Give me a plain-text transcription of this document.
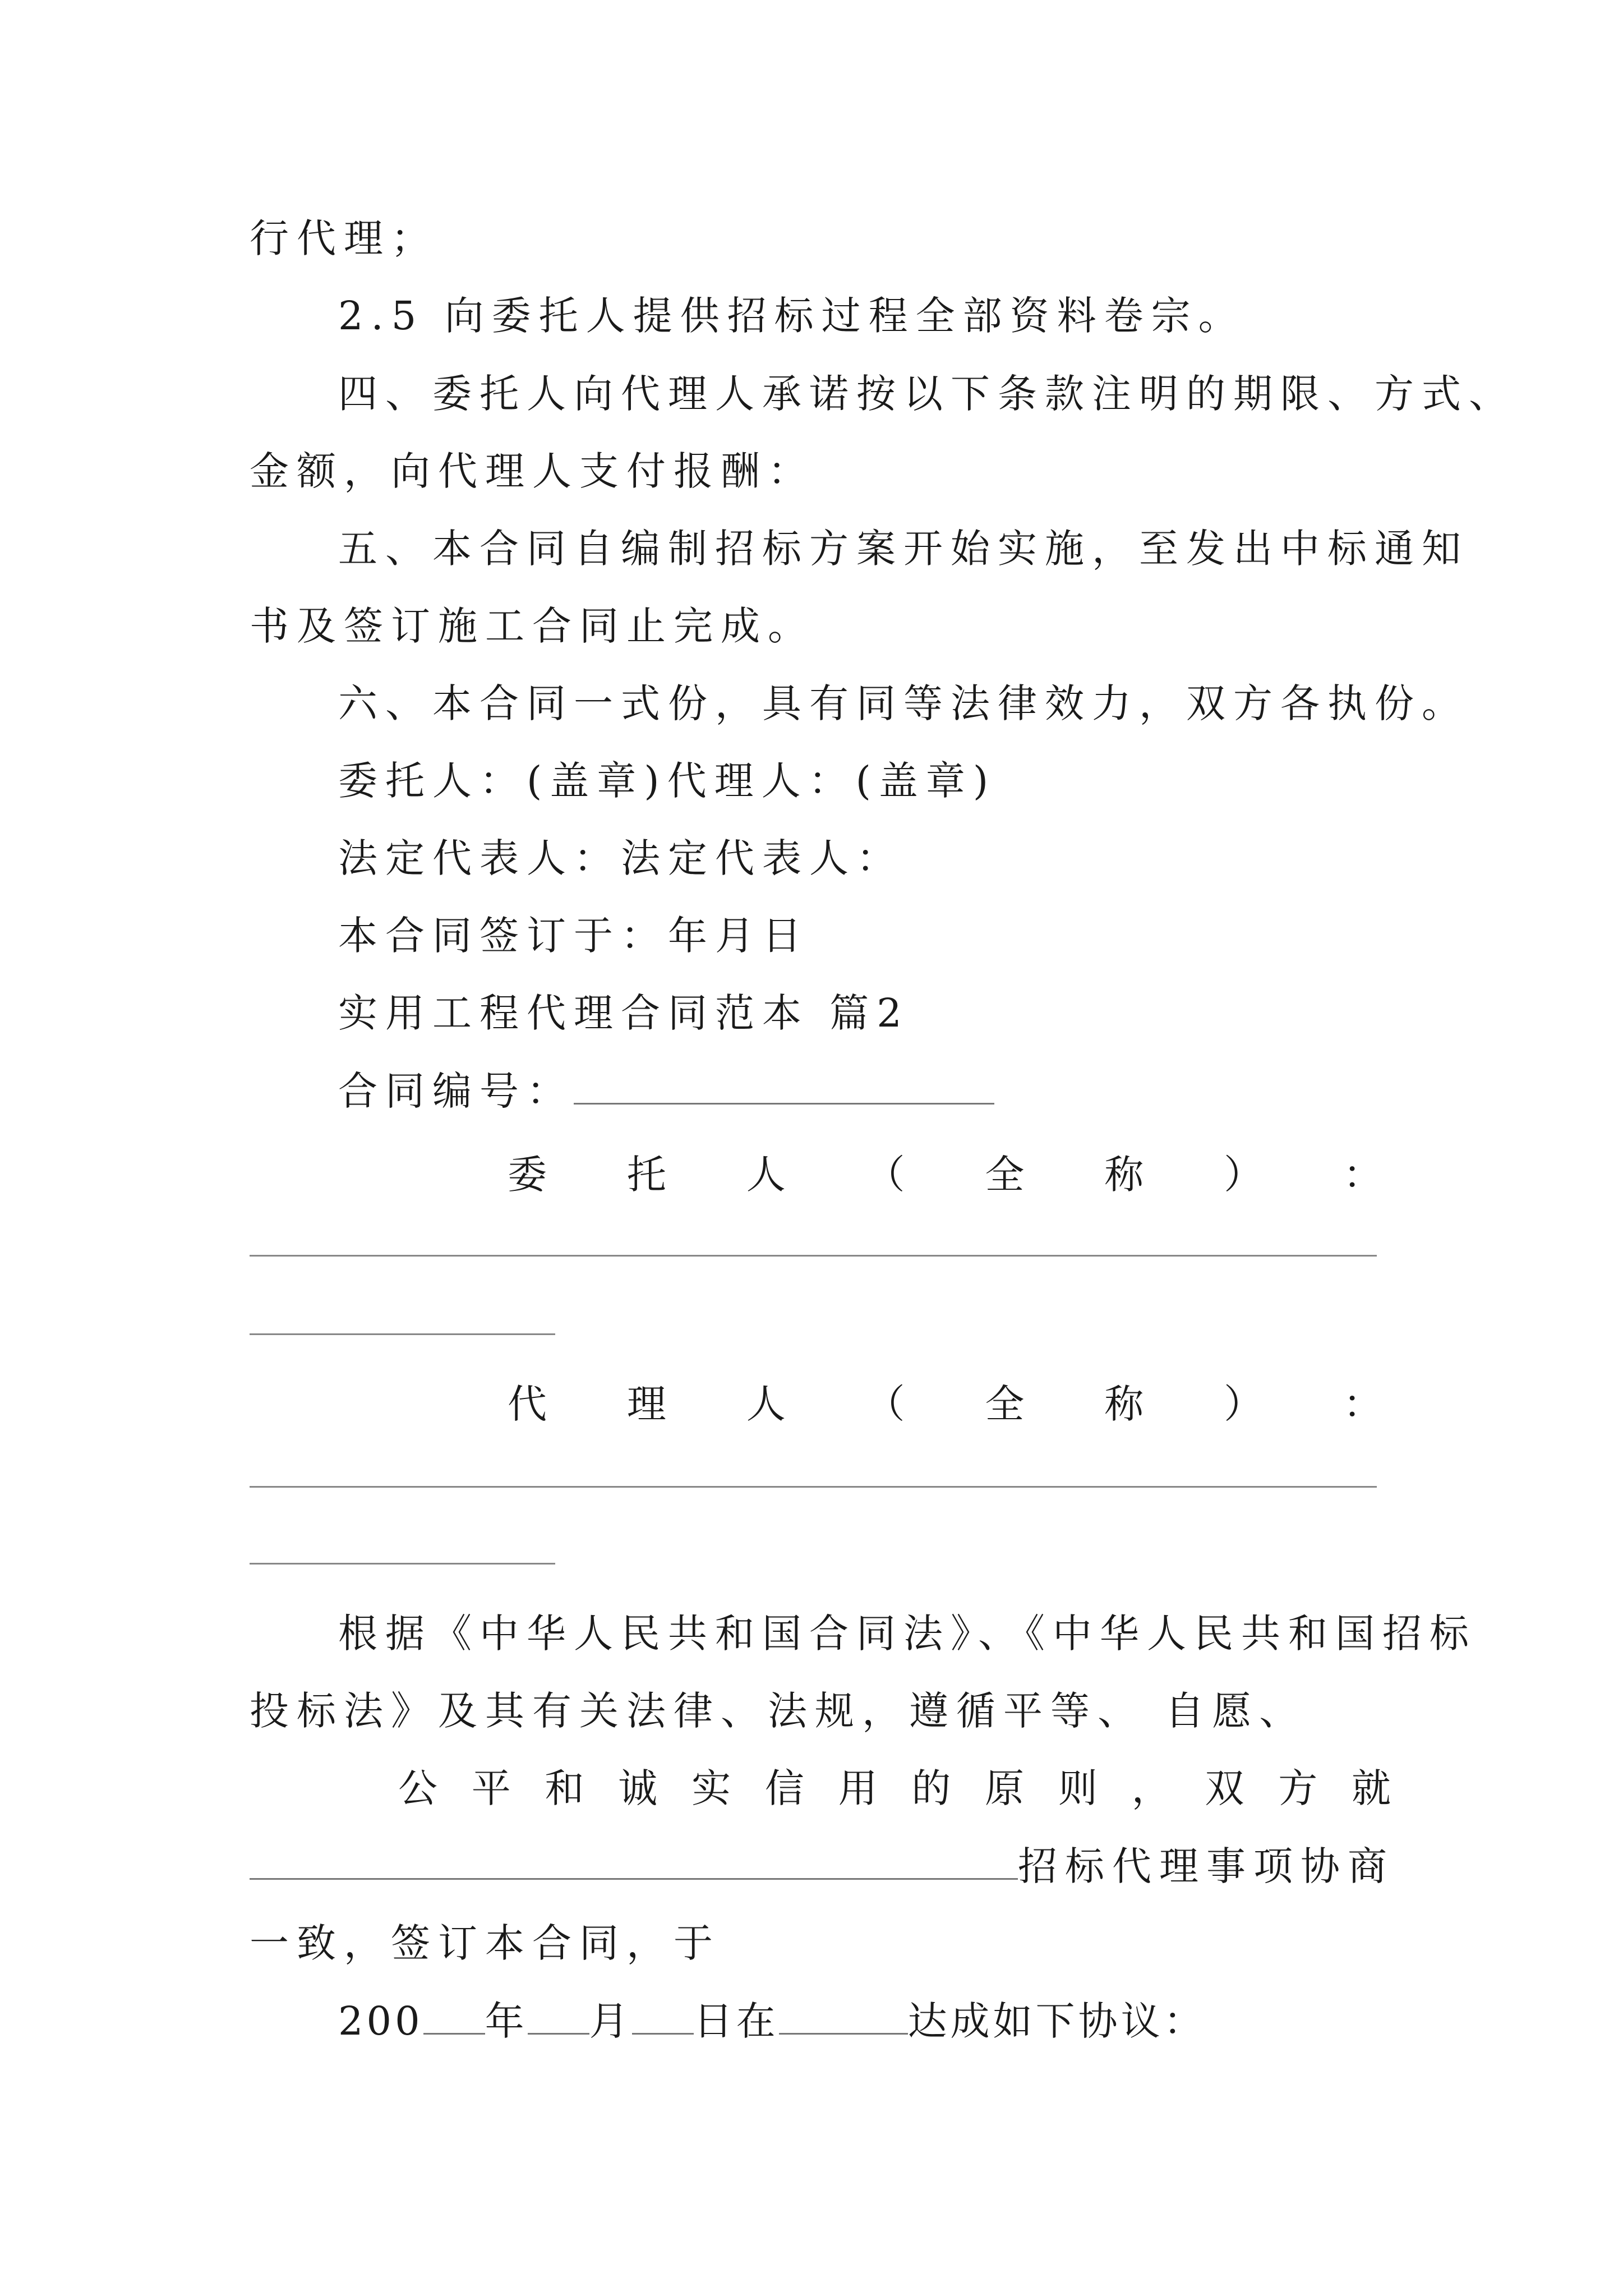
行代理；
2.5 向委托人提供招标过程全部资料卷宗。
四、委托人向代理人承诺按以下条款注明的期限、方式、
金额，向代理人支付报酬：
五、本合同自编制招标方案开始实施，至发出中标通知
书及签订施工合同止完成。
六、本合同一式份，具有同等法律效力，双方各执份。
委托人：(盖章)代理人：(盖章)
法定代表人：法定代表人：
本合同签订于：年月日
实用工程代理合同范本 篇2
合同编号：
委 托 人 （ 全 称 ） ：
代 理 人 （ 全 称 ） ：
根据《中华人民共和国合同法》、《中华人民共和国招标
投标法》及其有关法律、法规，遵循平等、 自愿、
公 平 和 诚 实 信 用 的 原 则 ， 双 方 就
招标代理事项协商
一致，签订本合同，于
200 年 月 日在	达成如下协议：
